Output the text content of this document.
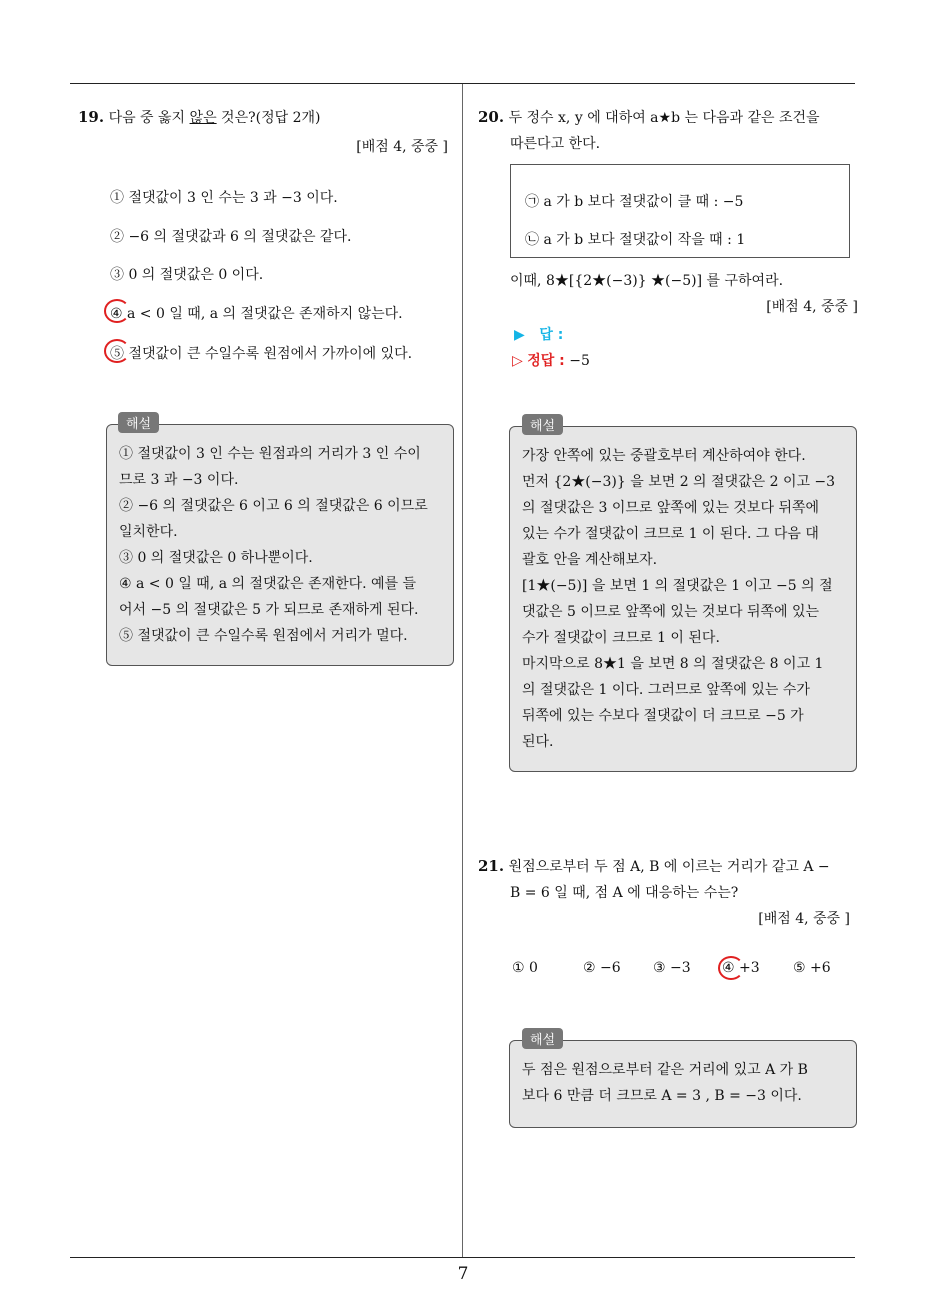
19. 다음 중 옳지 않은 것은?(정답 2개)
[배점 4, 중중 ]
① 절댓값이 3 인 수는 3 과 −3 이다.
② −6 의 절댓값과 6 의 절댓값은 같다.
③ 0 의 절댓값은 0 이다.
④ a < 0 일 때, a 의 절댓값은 존재하지 않는다.
⑤ 절댓값이 큰 수일수록 원점에서 가까이에 있다.
① 절댓값이 3 인 수는 원점과의 거리가 3 인 수이
므로 3 과 −3 이다.
② −6 의 절댓값은 6 이고 6 의 절댓값은 6 이므로
일치한다.
③ 0 의 절댓값은 0 하나뿐이다.
④ a < 0 일 때, a 의 절댓값은 존재한다. 예를 들
어서 −5 의 절댓값은 5 가 되므로 존재하게 된다.
⑤ 절댓값이 큰 수일수록 원점에서 거리가 멀다.
해설
20. 두 정수 x, y 에 대하여 a★b 는 다음과 같은 조건을
따른다고 한다.
㉠ a 가 b 보다 절댓값이 클 때 : −5
㉡ a 가 b 보다 절댓값이 작을 때 : 1
이때, 8★[{2★(−3)} ★(−5)] 를 구하여라.
[배점 4, 중중 ]
▶ 답 :
▷ 정답 : −5
가장 안쪽에 있는 중괄호부터 계산하여야 한다.
먼저 {2★(−3)} 을 보면 2 의 절댓값은 2 이고 −3
의 절댓값은 3 이므로 앞쪽에 있는 것보다 뒤쪽에
있는 수가 절댓값이 크므로 1 이 된다. 그 다음 대
괄호 안을 계산해보자.
[1★(−5)] 을 보면 1 의 절댓값은 1 이고 −5 의 절
댓값은 5 이므로 앞쪽에 있는 것보다 뒤쪽에 있는
수가 절댓값이 크므로 1 이 된다.
마지막으로 8★1 을 보면 8 의 절댓값은 8 이고 1
의 절댓값은 1 이다. 그러므로 앞쪽에 있는 수가
뒤쪽에 있는 수보다 절댓값이 더 크므로 −5 가
된다.
해설
21. 원점으로부터 두 점 A, B 에 이르는 거리가 같고 A −
B = 6 일 때, 점 A 에 대응하는 수는?
[배점 4, 중중 ]
① 0	② −6 ③ −3 ④ +3 ⑤ +6
두 점은 원점으로부터 같은 거리에 있고 A 가 B
보다 6 만큼 더 크므로 A = 3 , B = −3 이다.
해설
7
